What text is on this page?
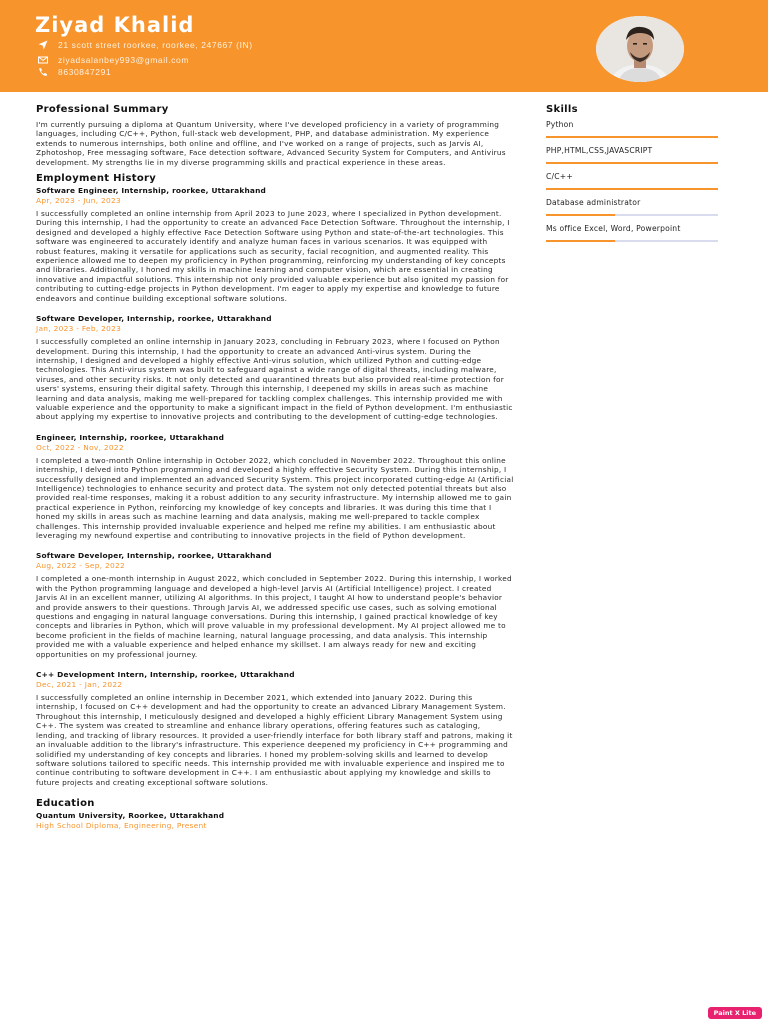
Ziyad Khalid
21 scott street roorkee, roorkee, 247667 (IN)
ziyadsalanbey993@gmail.com
8630847291
Professional Summary
I'm currently pursuing a diploma at Quantum University, where I've developed proficiency in a variety of programming languages, including C/C++, Python, full-stack web development, PHP, and database administration. My experience extends to numerous internships, both online and offline, and I've worked on a range of projects, such as Jarvis AI, Zphotoshop, Free messaging software, Face detection software, Advanced Security System for Computers, and Antivirus development. My strengths lie in my diverse programming skills and practical experience in these areas.
Employment History
Software Engineer, Internship, roorkee, Uttarakhand
Apr, 2023 - Jun, 2023
I successfully completed an online internship from April 2023 to June 2023, where I specialized in Python development. During this internship, I had the opportunity to create an advanced Face Detection Software. Throughout the internship, I designed and developed a highly effective Face Detection Software using Python and state-of-the-art technologies. This software was engineered to accurately identify and analyze human faces in various scenarios. It was equipped with robust features, making it versatile for applications such as security, facial recognition, and augmented reality. This experience allowed me to deepen my proficiency in Python programming, reinforcing my understanding of key concepts and libraries. Additionally, I honed my skills in machine learning and computer vision, which are essential in creating innovative and impactful solutions. This internship not only provided valuable experience but also ignited my passion for contributing to cutting-edge projects in Python development. I'm eager to apply my expertise and knowledge to future endeavors and continue building exceptional software solutions.
Software Developer, Internship, roorkee, Uttarakhand
Jan, 2023 - Feb, 2023
I successfully completed an online internship in January 2023, concluding in February 2023, where I focused on Python development. During this internship, I had the opportunity to create an advanced Anti-virus system. During the internship, I designed and developed a highly effective Anti-virus solution, which utilized Python and cutting-edge technologies. This Anti-virus system was built to safeguard against a wide range of digital threats, including malware, viruses, and other security risks. It not only detected and quarantined threats but also provided real-time protection for users' systems, ensuring their digital safety. Through this internship, I deepened my skills in areas such as machine learning and data analysis, making me well-prepared for tackling complex challenges. This internship provided me with valuable experience and the opportunity to make a significant impact in the field of Python development. I'm enthusiastic about applying my expertise to innovative projects and contributing to the development of cutting-edge technologies.
Engineer, Internship, roorkee, Uttarakhand
Oct, 2022 - Nov, 2022
I completed a two-month Online internship in October 2022, which concluded in November 2022. Throughout this online internship, I delved into Python programming and developed a highly effective Security System. During this internship, I successfully designed and implemented an advanced Security System. This project incorporated cutting-edge AI (Artificial Intelligence) technologies to enhance security and protect data. The system not only detected potential threats but also provided real-time responses, making it a robust addition to any security infrastructure. My internship allowed me to gain practical experience in Python, reinforcing my knowledge of key concepts and libraries. It was during this time that I honed my skills in areas such as machine learning and data analysis, making me well-prepared to tackle complex challenges. This internship provided invaluable experience and helped me refine my abilities. I am enthusiastic about leveraging my newfound expertise and contributing to innovative projects in the field of Python development.
Software Developer, Internship, roorkee, Uttarakhand
Aug, 2022 - Sep, 2022
I completed a one-month internship in August 2022, which concluded in September 2022. During this internship, I worked with the Python programming language and developed a high-level Jarvis AI (Artificial Intelligence) project. I created Jarvis AI in an excellent manner, utilizing AI algorithms. In this project, I taught AI how to understand people's behavior and provide answers to their questions. Through Jarvis AI, we addressed specific use cases, such as solving emotional questions and engaging in natural language conversations. During this internship, I gained practical knowledge of key concepts and libraries in Python, which will prove valuable in my professional development. My AI project allowed me to become proficient in the fields of machine learning, natural language processing, and data analysis. This internship provided me with a valuable experience and helped enhance my skillset. I am always ready for new and exciting opportunities on my professional journey.
C++ Development Intern, Internship, roorkee, Uttarakhand
Dec, 2021 - Jan, 2022
I successfully completed an online internship in December 2021, which extended into January 2022. During this internship, I focused on C++ development and had the opportunity to create an advanced Library Management System. Throughout this internship, I meticulously designed and developed a highly efficient Library Management System using C++. The system was created to streamline and enhance library operations, offering features such as cataloging, lending, and tracking of library resources. It provided a user-friendly interface for both library staff and patrons, making it an invaluable addition to the library's infrastructure. This experience deepened my proficiency in C++ programming and solidified my understanding of key concepts and libraries. I honed my problem-solving skills and learned to develop software solutions tailored to specific needs. This internship provided me with invaluable experience and inspired me to continue contributing to software development in C++. I am enthusiastic about applying my knowledge and skills to future projects and creating exceptional software solutions.
Education
Quantum University, Roorkee, Uttarakhand
High School Diploma, Engineering, Present
Skills
Python
PHP,HTML,CSS,JAVASCRIPT
C/C++
Database administrator
Ms office Excel, Word, Powerpoint
Paint X Lite
